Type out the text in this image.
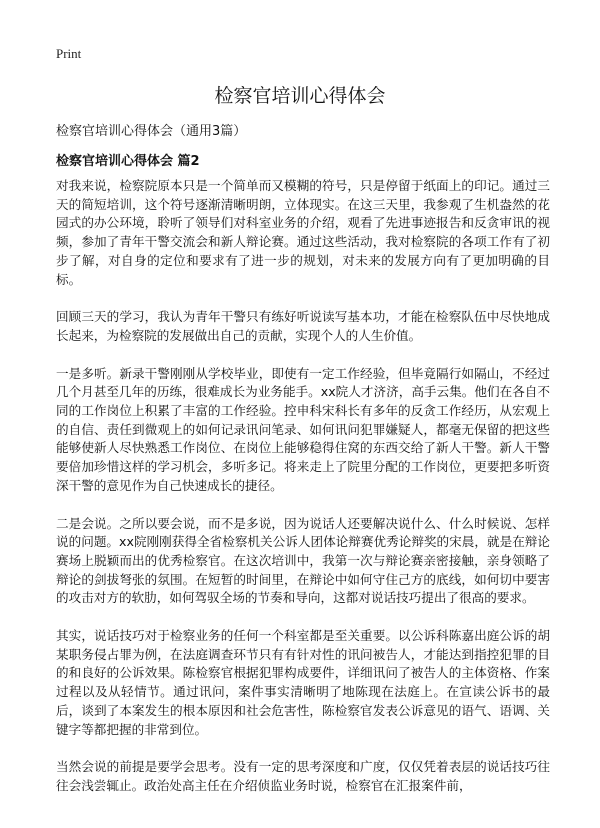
Print
检察官培训心得体会

检察官培训心得体会（通用3篇）

检察官培训心得体会 篇2

对我来说，检察院原本只是一个简单而又模糊的符号，只是停留于纸面上的印记。通过三天的简短培训，这个符号逐渐清晰明朗，立体现实。在这三天里，我参观了生机盎然的花园式的办公环境，聆听了领导们对科室业务的介绍，观看了先进事迹报告和反贪审讯的视频，参加了青年干警交流会和新人辩论赛。通过这些活动，我对检察院的各项工作有了初步了解，对自身的定位和要求有了进一步的规划，对未来的发展方向有了更加明确的目标。

回顾三天的学习，我认为青年干警只有练好听说读写基本功，才能在检察队伍中尽快地成长起来，为检察院的发展做出自己的贡献，实现个人的人生价值。

一是多听。新录干警刚刚从学校毕业，即使有一定工作经验，但毕竟隔行如隔山，不经过几个月甚至几年的历练，很难成长为业务能手。xx院人才济济，高手云集。他们在各自不同的工作岗位上积累了丰富的工作经验。控申科宋科长有多年的反贪工作经历，从宏观上的自信、责任到微观上的如何记录讯问笔录、如何讯问犯罪嫌疑人，都毫无保留的把这些能够使新人尽快熟悉工作岗位、在岗位上能够稳得住窝的东西交给了新人干警。新人干警要倍加珍惜这样的学习机会，多听多记。将来走上了院里分配的工作岗位，更要把多听资深干警的意见作为自己快速成长的捷径。

二是会说。之所以要会说，而不是多说，因为说话人还要解决说什么、什么时候说、怎样说的问题。xx院刚刚获得全省检察机关公诉人团体论辩赛优秀论辩奖的宋晨，就是在辩论赛场上脱颖而出的优秀检察官。在这次培训中，我第一次与辩论赛亲密接触，亲身领略了辩论的剑拔弩张的氛围。在短暂的时间里，在辩论中如何守住己方的底线，如何切中要害的攻击对方的软肋，如何驾驭全场的节奏和导向，这都对说话技巧提出了很高的要求。

其实，说话技巧对于检察业务的任何一个科室都是至关重要。以公诉科陈嘉出庭公诉的胡某职务侵占罪为例，在法庭调查环节只有有针对性的讯问被告人，才能达到指控犯罪的目的和良好的公诉效果。陈检察官根据犯罪构成要件，详细讯问了被告人的主体资格、作案过程以及从轻情节。通过讯问，案件事实清晰明了地陈现在法庭上。在宣读公诉书的最后，谈到了本案发生的根本原因和社会危害性，陈检察官发表公诉意见的语气、语调、关键字等都把握的非常到位。

当然会说的前提是要学会思考。没有一定的思考深度和广度，仅仅凭着表层的说话技巧往往会浅尝辄止。政治处高主任在介绍侦监业务时说，检察官在汇报案件前，
